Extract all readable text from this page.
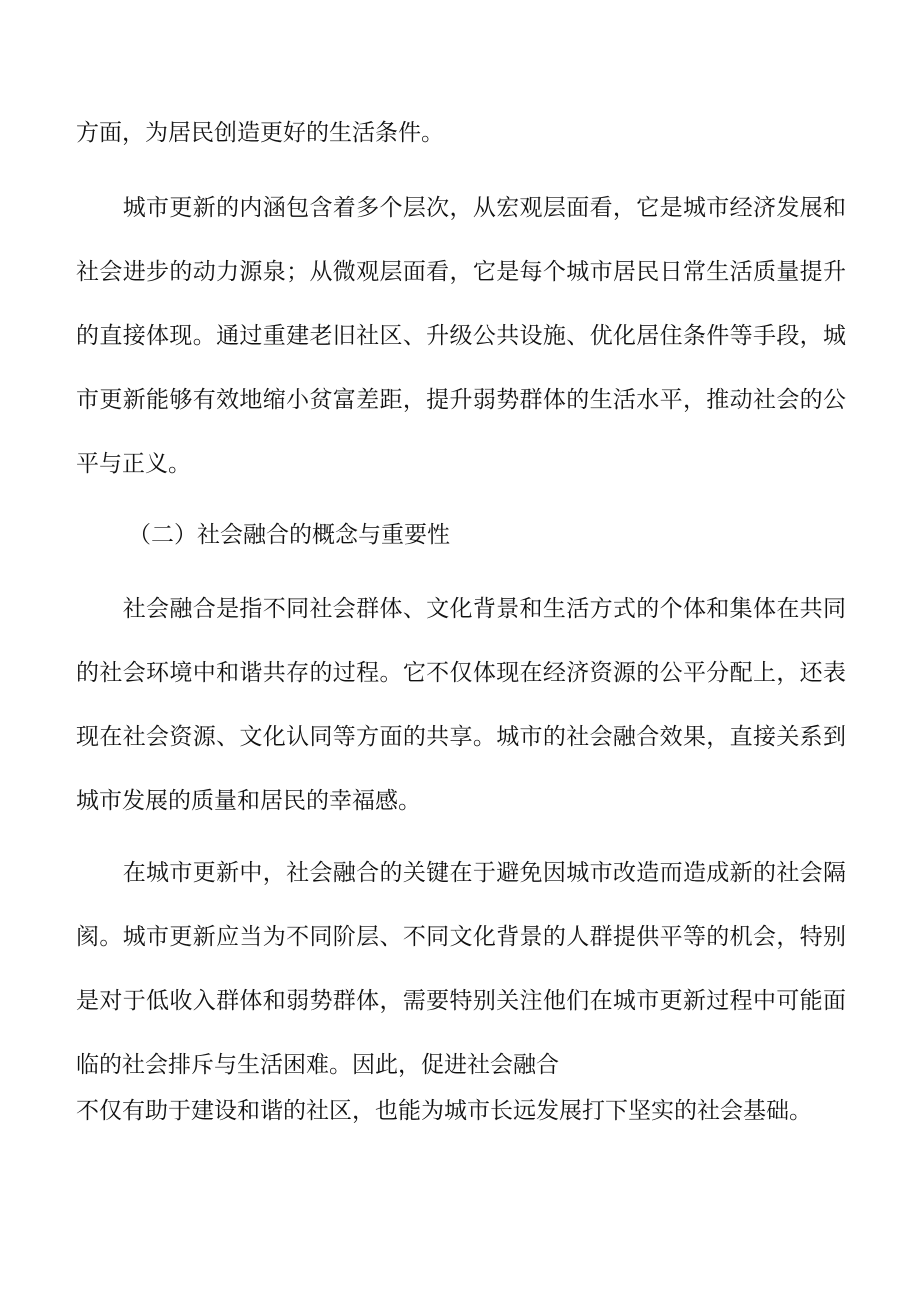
方面，为居民创造更好的生活条件。
　　城市更新的内涵包含着多个层次，从宏观层面看，它是城市经济发展和
社会进步的动力源泉；从微观层面看，它是每个城市居民日常生活质量提升
的直接体现。通过重建老旧社区、升级公共设施、优化居住条件等手段，城
市更新能够有效地缩小贫富差距，提升弱势群体的生活水平，推动社会的公
平与正义。
（二）社会融合的概念与重要性
　　社会融合是指不同社会群体、文化背景和生活方式的个体和集体在共同
的社会环境中和谐共存的过程。它不仅体现在经济资源的公平分配上，还表
现在社会资源、文化认同等方面的共享。城市的社会融合效果，直接关系到
城市发展的质量和居民的幸福感。
　　在城市更新中，社会融合的关键在于避免因城市改造而造成新的社会隔
阂。城市更新应当为不同阶层、不同文化背景的人群提供平等的机会，特别
是对于低收入群体和弱势群体，需要特别关注他们在城市更新过程中可能面
临的社会排斥与生活困难。因此，促进社会融合
不仅有助于建设和谐的社区，也能为城市长远发展打下坚实的社会基础。
